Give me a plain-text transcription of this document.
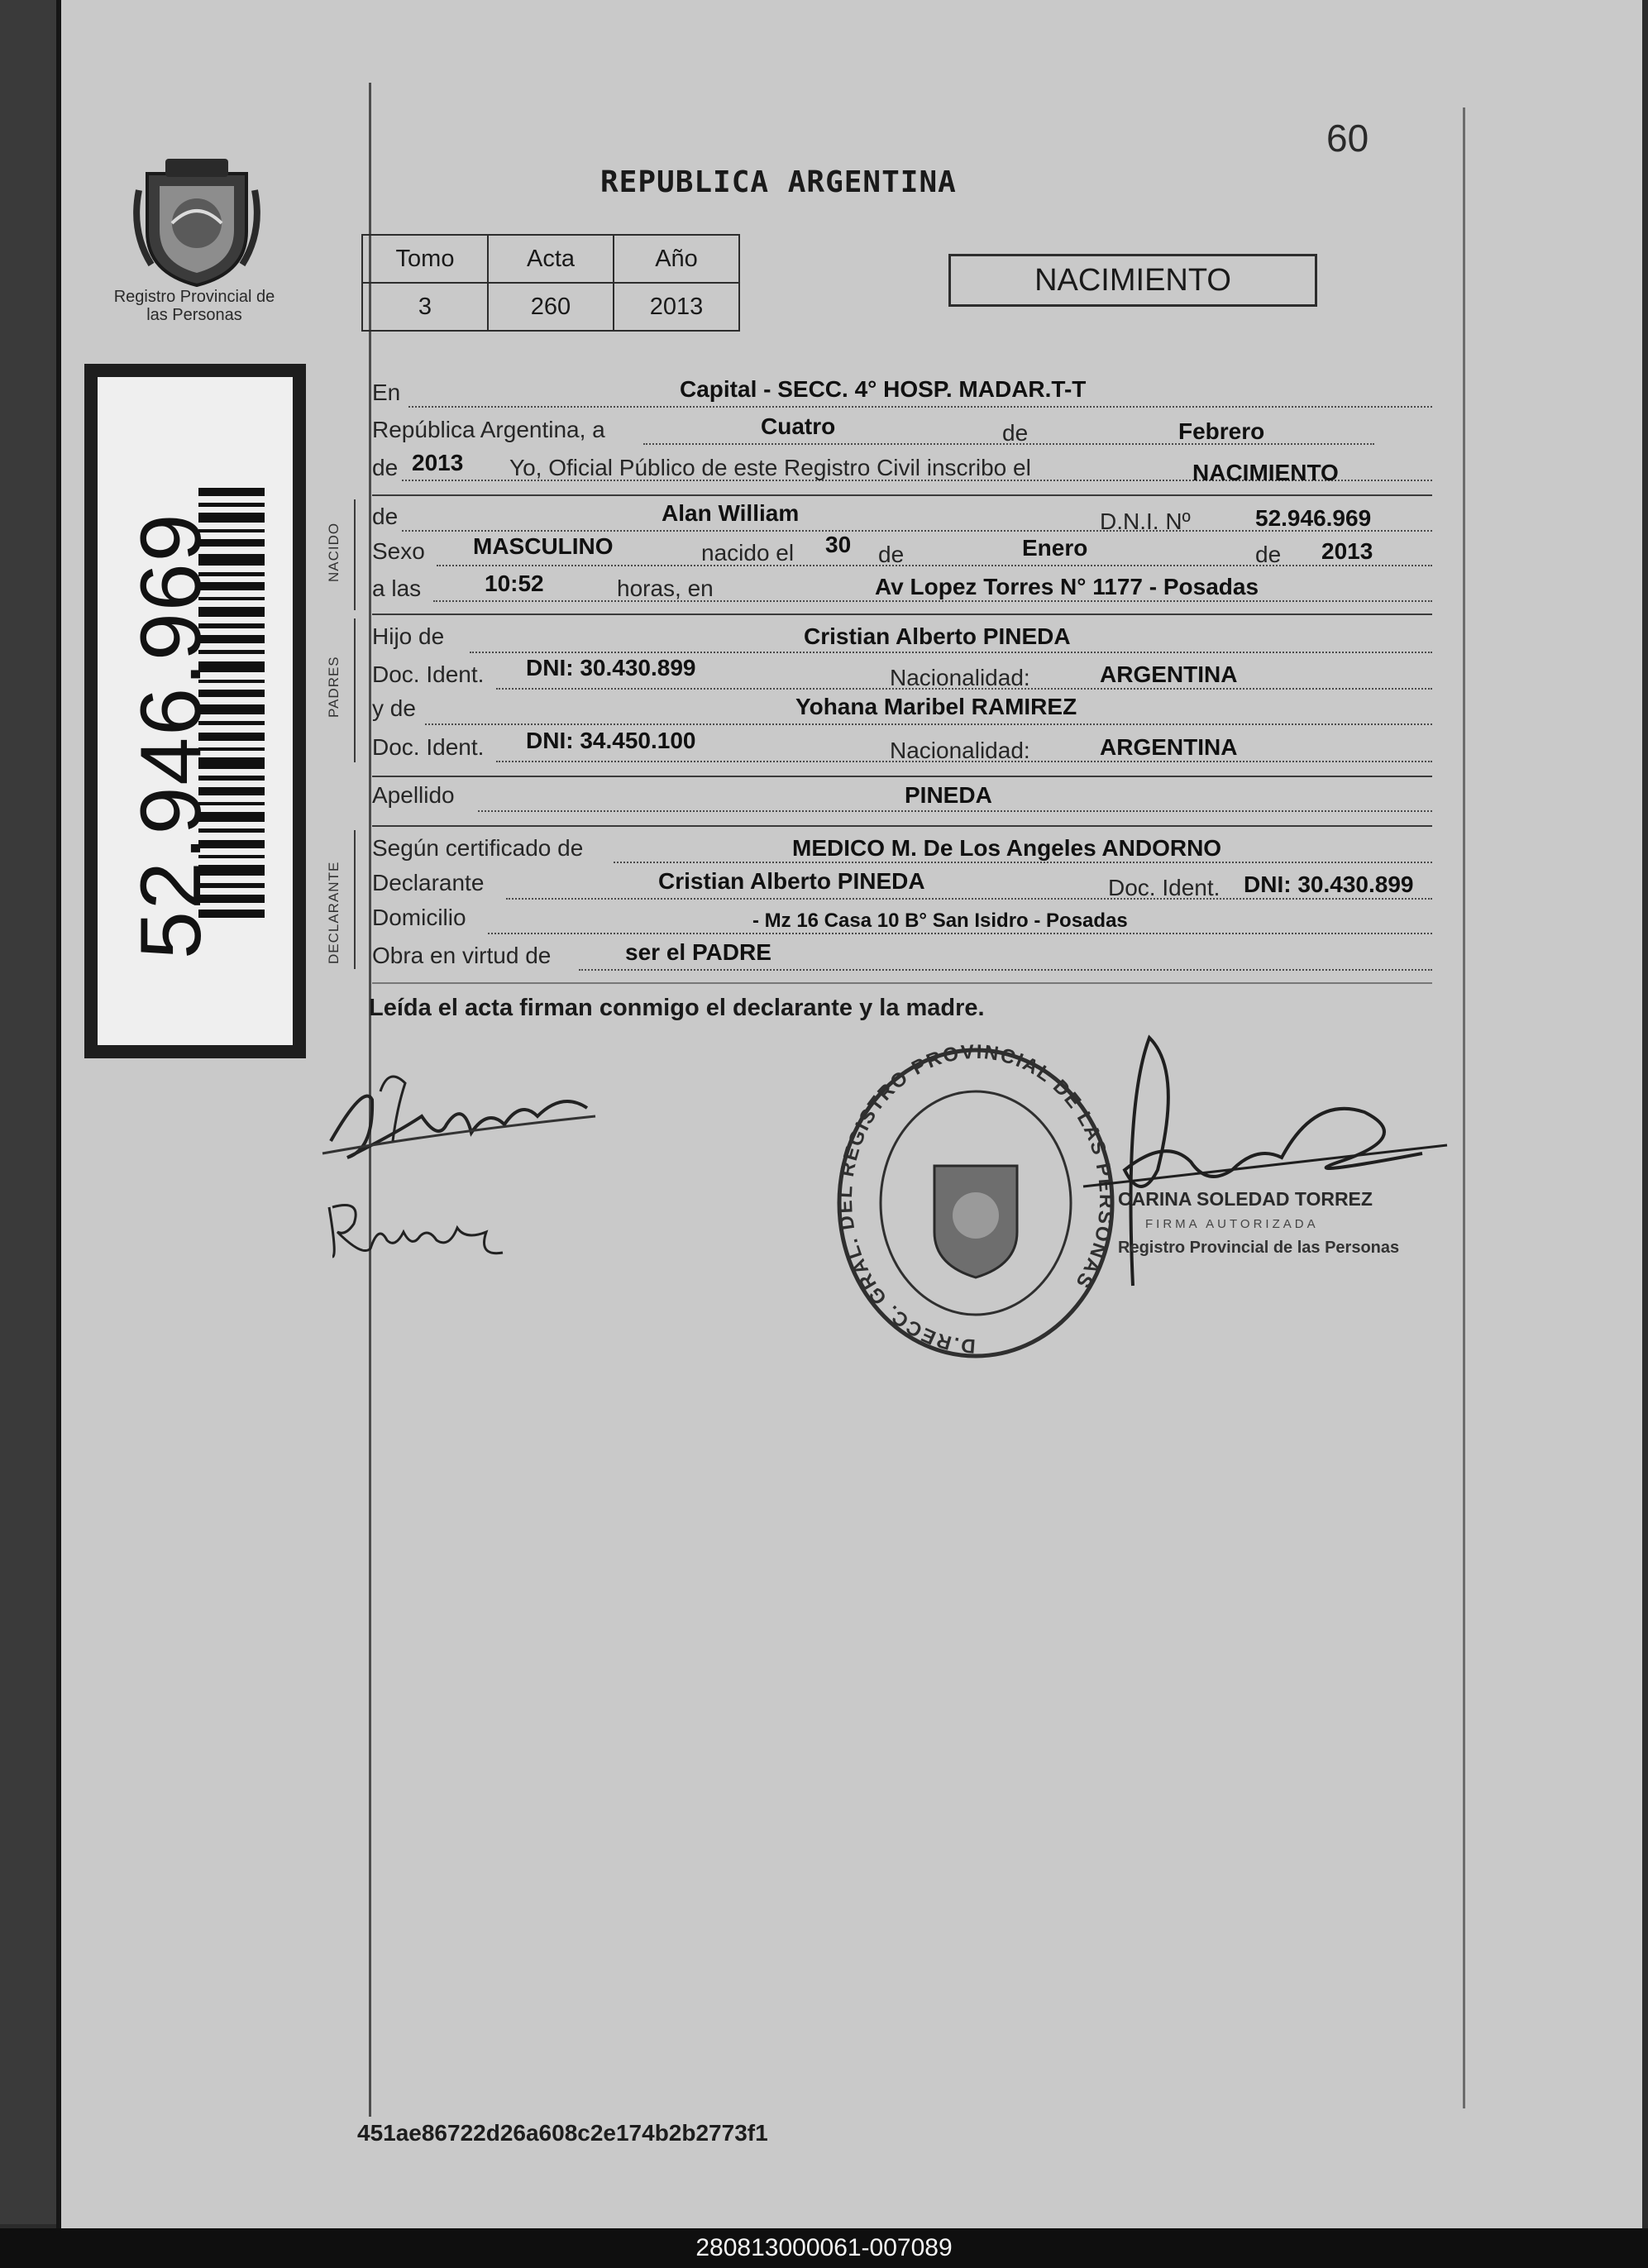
Registro Provincial de las Personas
52.946.969
60
REPUBLICA ARGENTINA
Tomo	Acta	Año
3	260	2013
NACIMIENTO
En	Capital - SECC. 4° HOSP. MADAR.T-T
República Argentina, a	Cuatro	de	Febrero
de 2013 Yo, Oficial Público de este Registro Civil inscribo el	NACIMIENTO
NACIDO
de	Alan William	D.N.I. Nº	52.946.969
Sexo MASCULINO	nacido el 30 de	Enero	de 2013
a las	10:52	horas, en	Av Lopez Torres N° 1177 - Posadas
PADRES
Hijo de	Cristian Alberto PINEDA
Doc. Ident. DNI: 30.430.899	Nacionalidad:	ARGENTINA
y de	Yohana Maribel RAMIREZ
Doc. Ident. DNI: 34.450.100	Nacionalidad:	ARGENTINA
Apellido	PINEDA
DECLARANTE
Según certificado de	MEDICO M. De Los Angeles ANDORNO
Declarante	Cristian Alberto PINEDA	Doc. Ident. DNI: 30.430.899
Domicilio	- Mz 16 Casa 10 B° San Isidro - Posadas
Obra en virtud de	ser el PADRE
Leída el acta firman conmigo el declarante y la madre.
D.RECC. GRAL. DEL REGISTRO PROVINCIAL DE LAS PERSONAS
CARINA SOLEDAD TORREZ
FIRMA AUTORIZADA
Registro Provincial de las Personas
451ae86722d26a608c2e174b2b2773f1
280813000061-007089
